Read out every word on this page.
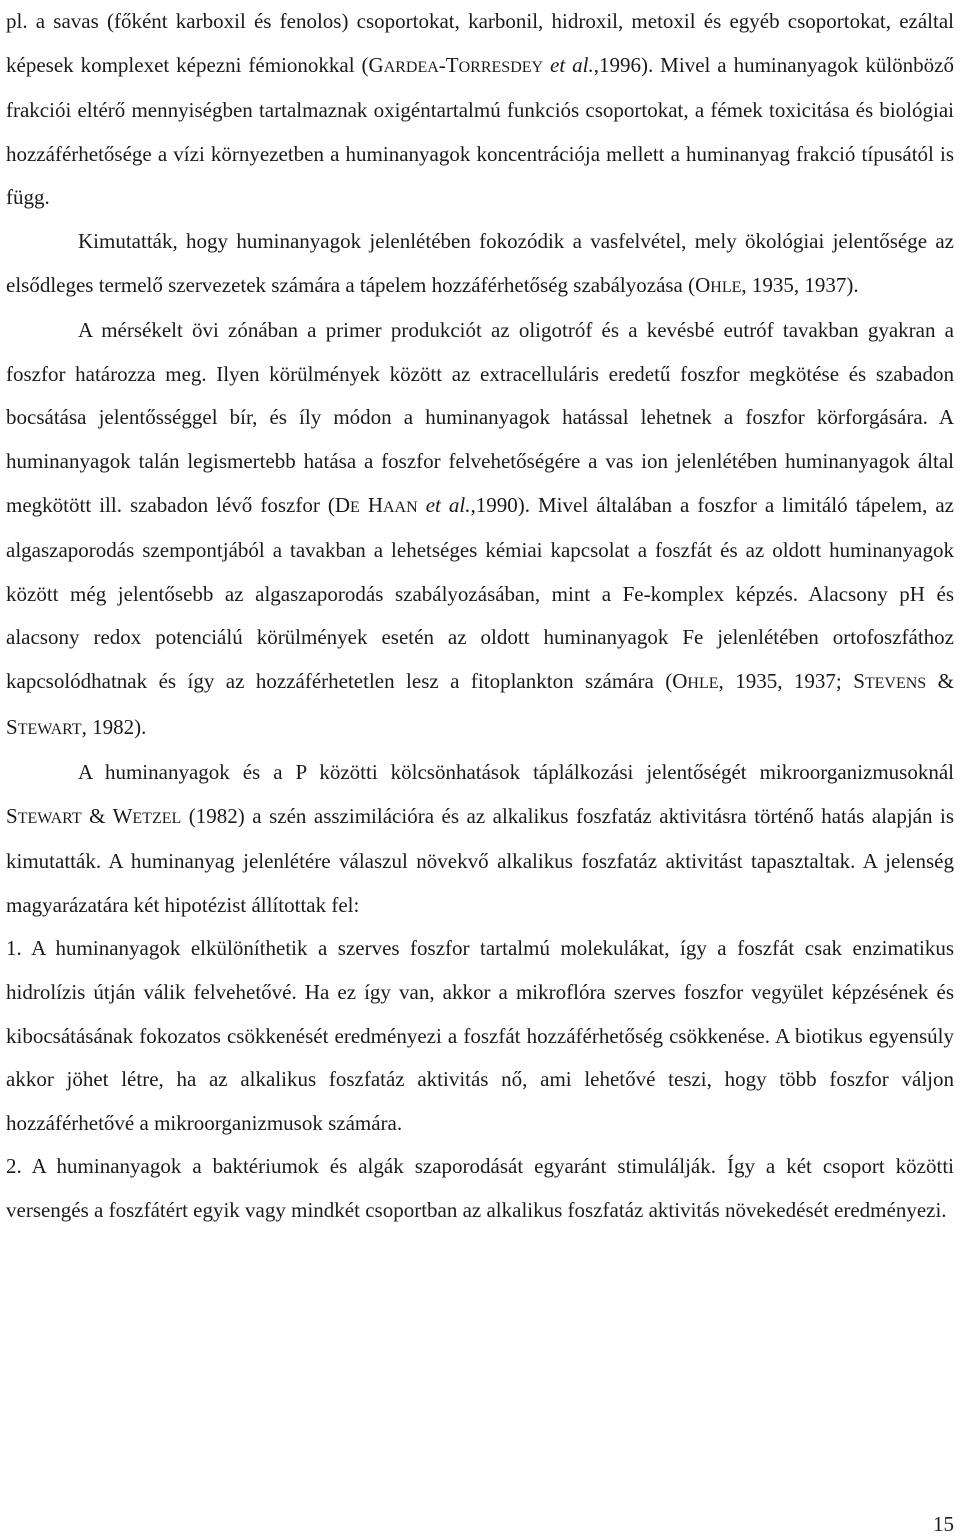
pl. a savas (főként karboxil és fenolos) csoportokat, karbonil, hidroxil, metoxil és egyéb csoportokat, ezáltal képesek komplexet képezni fémionokkal (GARDEA-TORRESDEY et al.,1996). Mivel a huminanyagok különböző frakciói eltérő mennyiségben tartalmaznak oxigéntartalmú funkciós csoportokat, a fémek toxicitása és biológiai hozzáférhetősége a vízi környezetben a huminanyagok koncentrációja mellett a huminanyag frakció típusától is függ.

Kimutatták, hogy huminanyagok jelenlétében fokozódik a vasfelvétel, mely ökológiai jelentősége az elsődleges termelő szervezetek számára a tápelem hozzáférhetőség szabályozása (OHLE, 1935, 1937).

A mérsékelt övi zónában a primer produkciót az oligotróf és a kevésbé eutróf tavakban gyakran a foszfor határozza meg. Ilyen körülmények között az extracelluláris eredetű foszfor megkötése és szabadon bocsátása jelentősséggel bír, és íly módon a huminanyagok hatással lehetnek a foszfor körforgására. A huminanyagok talán legismertebb hatása a foszfor felvehetőségére a vas ion jelenlétében huminanyagok által megkötött ill. szabadon lévő foszfor (DE HAAN et al.,1990). Mivel általában a foszfor a limitáló tápelem, az algaszaporodás szempontjából a tavakban a lehetséges kémiai kapcsolat a foszfát és az oldott huminanyagok között még jelentősebb az algaszaporodás szabályozásában, mint a Fe-komplex képzés. Alacsony pH és alacsony redox potenciálú körülmények esetén az oldott huminanyagok Fe jelenlétében ortofoszfáthoz kapcsolódhatnak és így az hozzáférhetetlen lesz a fitoplankton számára (OHLE, 1935, 1937; STEVENS & STEWART, 1982).

A huminanyagok és a P közötti kölcsönhatások táplálkozási jelentőségét mikroorganizmusoknál STEWART & WETZEL (1982) a szén asszimilációra és az alkalikus foszfatáz aktivitásra történő hatás alapján is kimutatták. A huminanyag jelenlétére válaszul növekvő alkalikus foszfatáz aktivitást tapasztaltak. A jelenség magyarázatára két hipotézist állítottak fel:

1. A huminanyagok elkülöníthetik a szerves foszfor tartalmú molekulákat, így a foszfát csak enzimatikus hidrolízis útján válik felvehetővé. Ha ez így van, akkor a mikroflóra szerves foszfor vegyület képzésének és kibocsátásának fokozatos csökkenését eredményezi a foszfát hozzáférhetőség csökkenése. A biotikus egyensúly akkor jöhet létre, ha az alkalikus foszfatáz aktivitás nő, ami lehetővé teszi, hogy több foszfor váljon hozzáférhetővé a mikroorganizmusok számára.

2. A huminanyagok a baktériumok és algák szaporodását egyaránt stimulálják. Így a két csoport közötti versengés a foszfátért egyik vagy mindkét csoportban az alkalikus foszfatáz aktivitás növekedését eredményezi.

15
